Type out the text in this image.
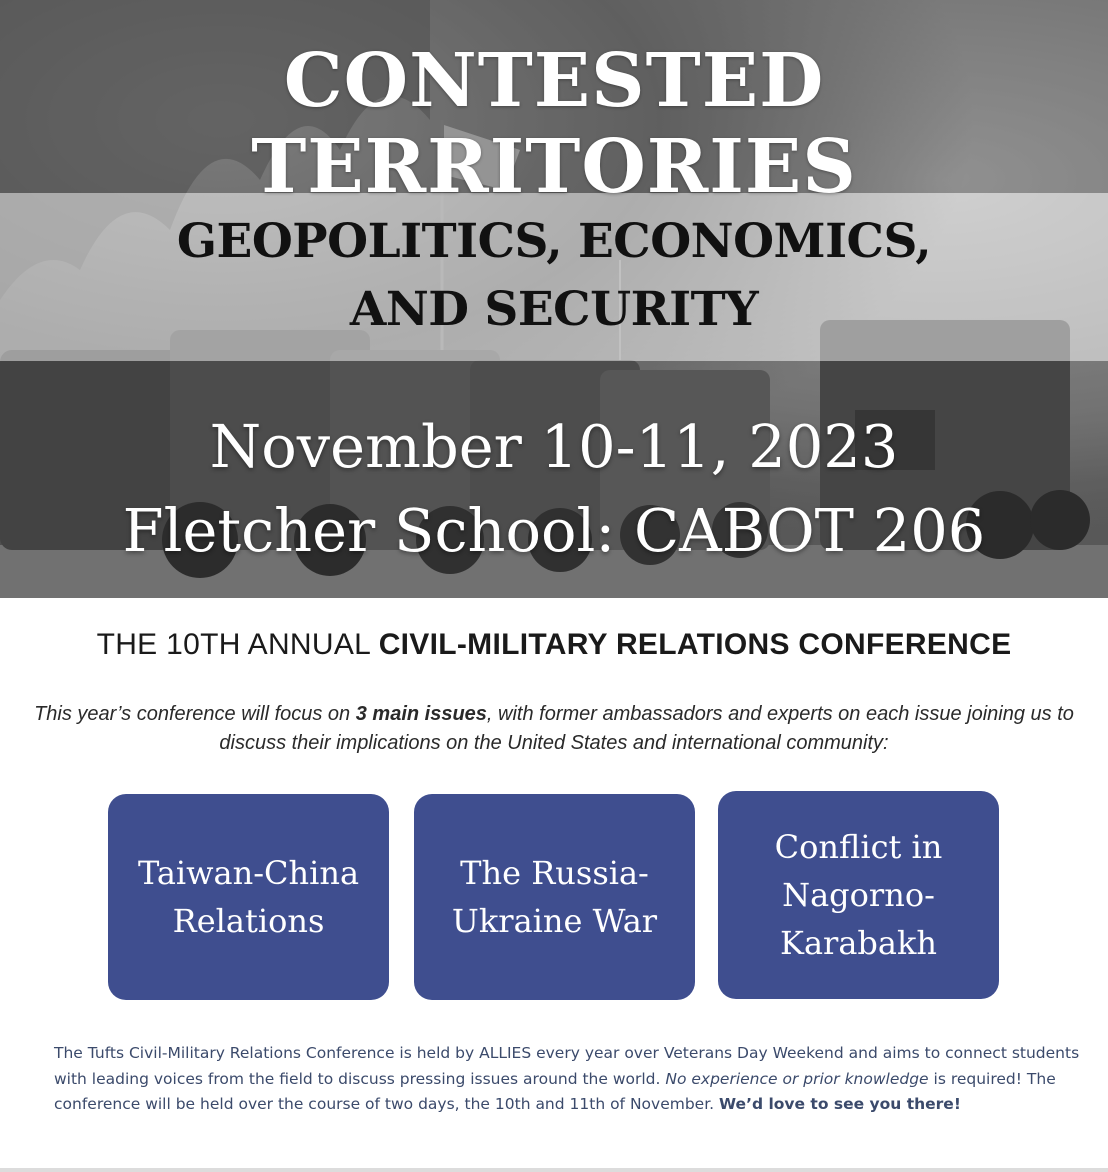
CONTESTED TERRITORIES
GEOPOLITICS, ECONOMICS,
AND SECURITY
November 10-11, 2023
Fletcher School: CABOT 206
THE 10TH ANNUAL CIVIL-MILITARY RELATIONS CONFERENCE

This year’s conference will focus on 3 main issues, with former ambassadors and experts on each issue joining us to discuss their implications on the United States and international community:

Taiwan-China
Relations
The Russia-
Ukraine War
Conflict in
Nagorno-
Karabakh

The Tufts Civil-Military Relations Conference is held by ALLIES every year over Veterans Day Weekend and aims to connect students with leading voices from the field to discuss pressing issues around the world. No experience or prior knowledge is required! The conference will be held over the course of two days, the 10th and 11th of November. We’d love to see you there!
